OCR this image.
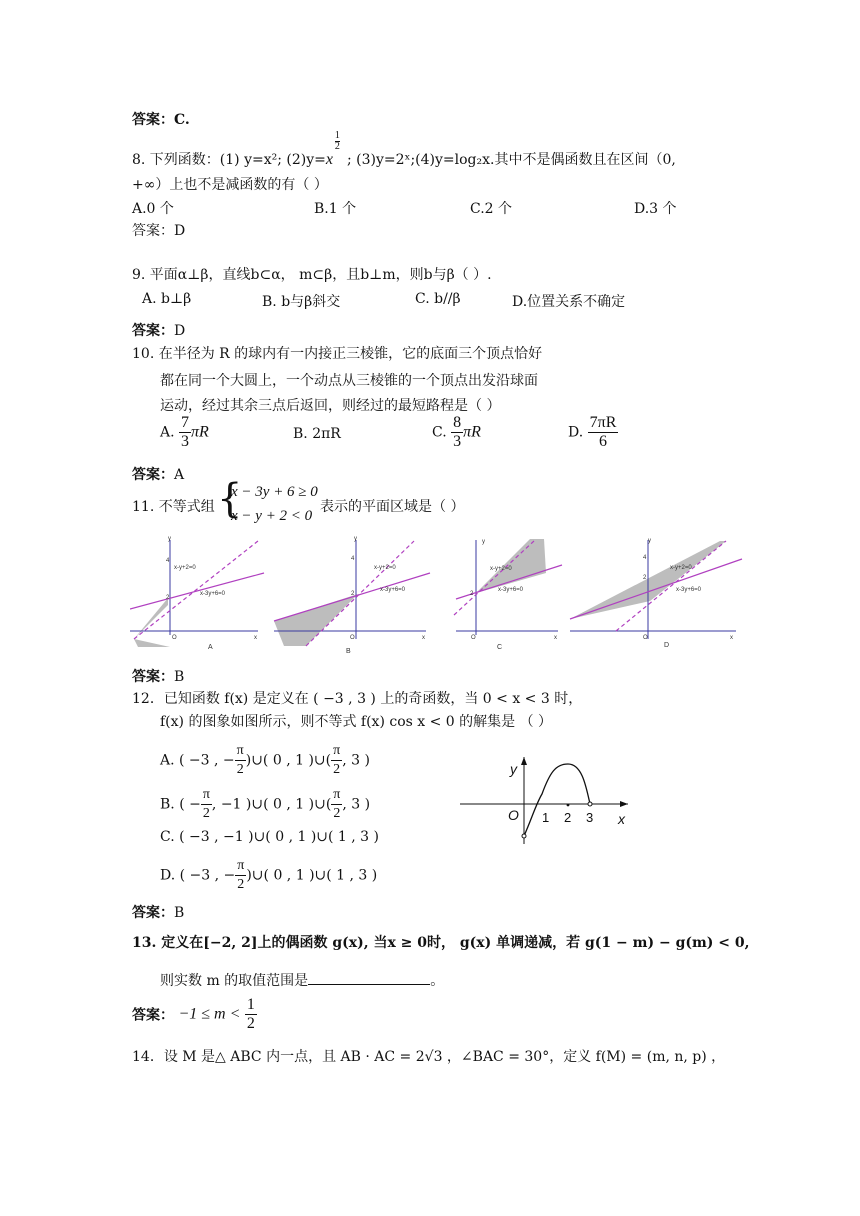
答案：C.
8. 下列函数：(1) y=x²; (2)y=x
$\frac{1}{2}$
; (3)y=2ˣ;(4)y=log₂x.其中不是偶函数且在区间（0,
+∞）上也不是减函数的有（ ）
A.0 个	B.1 个	C.2 个	D.3 个
答案：D
9. 平面α⊥β，直线b⊂α， m⊂β，且b⊥m，则b与β（ ）.
A. b⊥β	B. b与β斜交	C. b//β	D.位置关系不确定
答案：D
10. 在半径为 R 的球内有一内接正三棱锥，它的底面三个顶点恰好
都在同一个大圆上，一个动点从三棱锥的一个顶点出发沿球面
运动，经过其余三点后返回，则经过的最短路程是（ ）
A. $\frac{7}{3}$ πR	B. 2πR	C. $\frac{8}{3}$ πR	D. $\frac{7\pi R}{6}$
答案：A
11. 不等式组 {
x − 3y + 6 ≥ 0
x − y + 2 < 0
表示的平面区域是（ ）
x-y+2=0
x-3y+6=0
y
x
4
2
O
A
x-y+2=0
x-3y+6=0
y
x
4
2
O
B
x-y+2=0
x-3y+6=0
y
x
2
O
C
x-y+2=0
x-3y+6=0
y
x
4
2
O
D
答案：B
12．已知函数 f(x) 是定义在 ( −3 , 3 ) 上的奇函数，当 0 < x < 3 时，
f(x) 的图象如图所示，则不等式 f(x) cos x < 0 的解集是 （ ）
A. ( −3 , − $\frac{\pi}{2}$ )∪( 0 , 1 )∪( $\frac{\pi}{2}$ , 3 )
B. ( − $\frac{\pi}{2}$ , −1 )∪( 0 , 1 )∪( $\frac{\pi}{2}$ , 3 )
C. ( −3 , −1 )∪( 0 , 1 )∪( 1 , 3 )
D. ( −3 , − $\frac{\pi}{2}$ )∪( 0 , 1 )∪( 1 , 3 )
y
x
O 1 2 3
答案：B
13. 定义在[−2, 2]上的偶函数 g(x), 当x ≥ 0时， g(x) 单调递减，若 g(1 − m) − g(m) < 0,
则实数 m 的取值范围是	。
答案： $-1 \le m < \frac{1}{2}$
14．设 M 是△ ABC 内一点，且 AB · AC = 2√3 ，∠BAC = 30°，定义 f(M) = (m, n, p) ，
